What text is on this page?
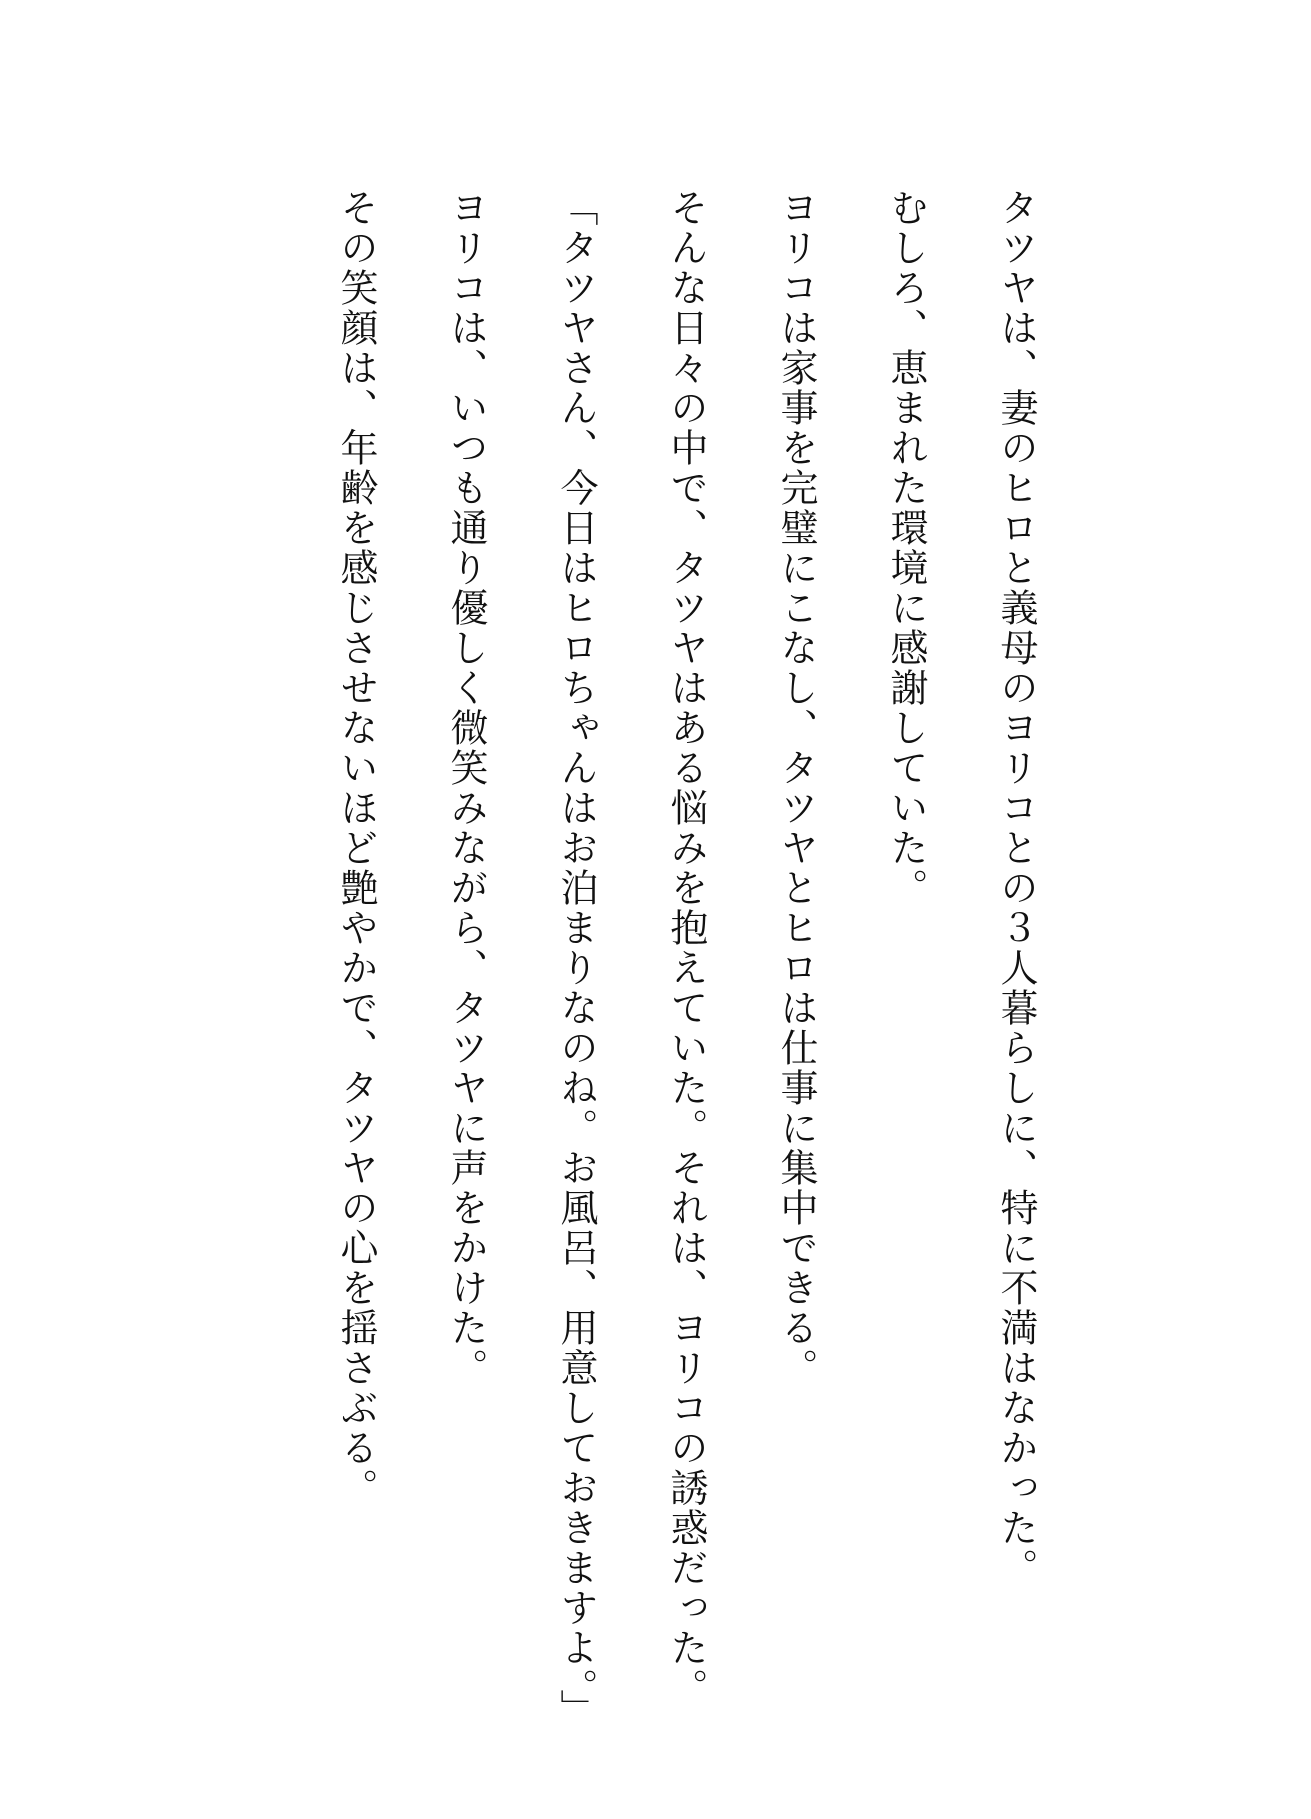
タツヤは、妻のヒロと義母のヨリコとの３人暮らしに、特に不満はなかった。
むしろ、恵まれた環境に感謝していた。
ヨリコは家事を完璧にこなし、タツヤとヒロは仕事に集中できる。
そんな日々の中で、タツヤはある悩みを抱えていた。それは、ヨリコの誘惑だった。
「タツヤさん、今日はヒロちゃんはお泊まりなのね。お風呂、用意しておきますよ。」
ヨリコは、いつも通り優しく微笑みながら、タツヤに声をかけた。
その笑顔は、年齢を感じさせないほど艶やかで、タツヤの心を揺さぶる。
